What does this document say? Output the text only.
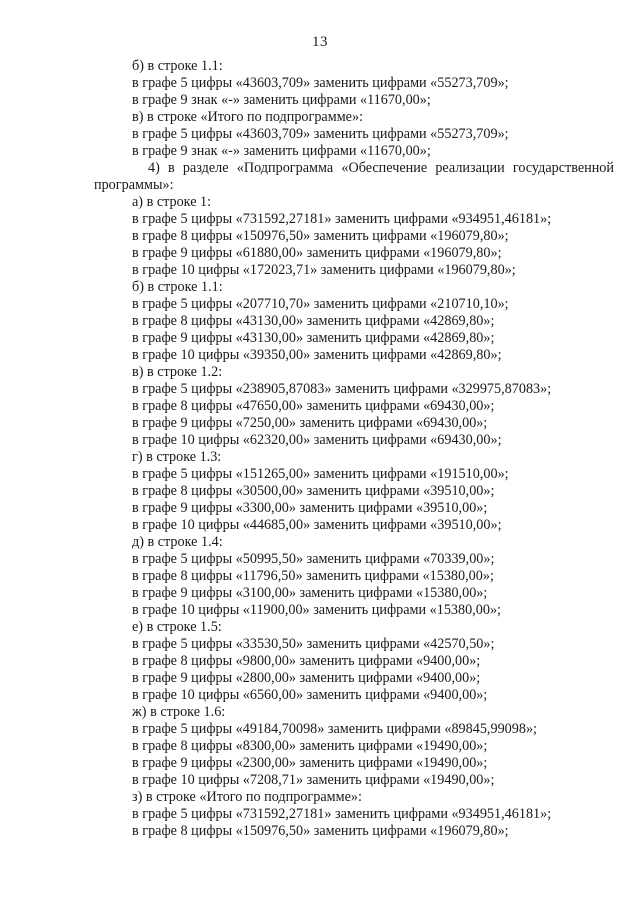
13
б) в строке 1.1:
в графе 5 цифры «43603,709» заменить цифрами «55273,709»;
в графе 9 знак «-» заменить цифрами «11670,00»;
в) в строке «Итого по подпрограмме»:
в графе 5 цифры «43603,709» заменить цифрами «55273,709»;
в графе 9 знак «-» заменить цифрами «11670,00»;
4) в разделе «Подпрограмма «Обеспечение реализации государственной
программы»:
а) в строке 1:
в графе 5 цифры «731592,27181» заменить цифрами «934951,46181»;
в графе 8 цифры «150976,50» заменить цифрами «196079,80»;
в графе 9 цифры «61880,00» заменить цифрами «196079,80»;
в графе 10 цифры «172023,71» заменить цифрами «196079,80»;
б) в строке 1.1:
в графе 5 цифры «207710,70» заменить цифрами «210710,10»;
в графе 8 цифры «43130,00» заменить цифрами «42869,80»;
в графе 9 цифры «43130,00» заменить цифрами «42869,80»;
в графе 10 цифры «39350,00» заменить цифрами «42869,80»;
в) в строке 1.2:
в графе 5 цифры «238905,87083» заменить цифрами «329975,87083»;
в графе 8 цифры «47650,00» заменить цифрами «69430,00»;
в графе 9 цифры «7250,00» заменить цифрами «69430,00»;
в графе 10 цифры «62320,00» заменить цифрами «69430,00»;
г) в строке 1.3:
в графе 5 цифры «151265,00» заменить цифрами «191510,00»;
в графе 8 цифры «30500,00» заменить цифрами «39510,00»;
в графе 9 цифры «3300,00» заменить цифрами «39510,00»;
в графе 10 цифры «44685,00» заменить цифрами «39510,00»;
д) в строке 1.4:
в графе 5 цифры «50995,50» заменить цифрами «70339,00»;
в графе 8 цифры «11796,50» заменить цифрами «15380,00»;
в графе 9 цифры «3100,00» заменить цифрами «15380,00»;
в графе 10 цифры «11900,00» заменить цифрами «15380,00»;
е) в строке 1.5:
в графе 5 цифры «33530,50» заменить цифрами «42570,50»;
в графе 8 цифры «9800,00» заменить цифрами «9400,00»;
в графе 9 цифры «2800,00» заменить цифрами «9400,00»;
в графе 10 цифры «6560,00» заменить цифрами «9400,00»;
ж) в строке 1.6:
в графе 5 цифры «49184,70098» заменить цифрами «89845,99098»;
в графе 8 цифры «8300,00» заменить цифрами «19490,00»;
в графе 9 цифры «2300,00» заменить цифрами «19490,00»;
в графе 10 цифры «7208,71» заменить цифрами «19490,00»;
з) в строке «Итого по подпрограмме»:
в графе 5 цифры «731592,27181» заменить цифрами «934951,46181»;
в графе 8 цифры «150976,50» заменить цифрами «196079,80»;
